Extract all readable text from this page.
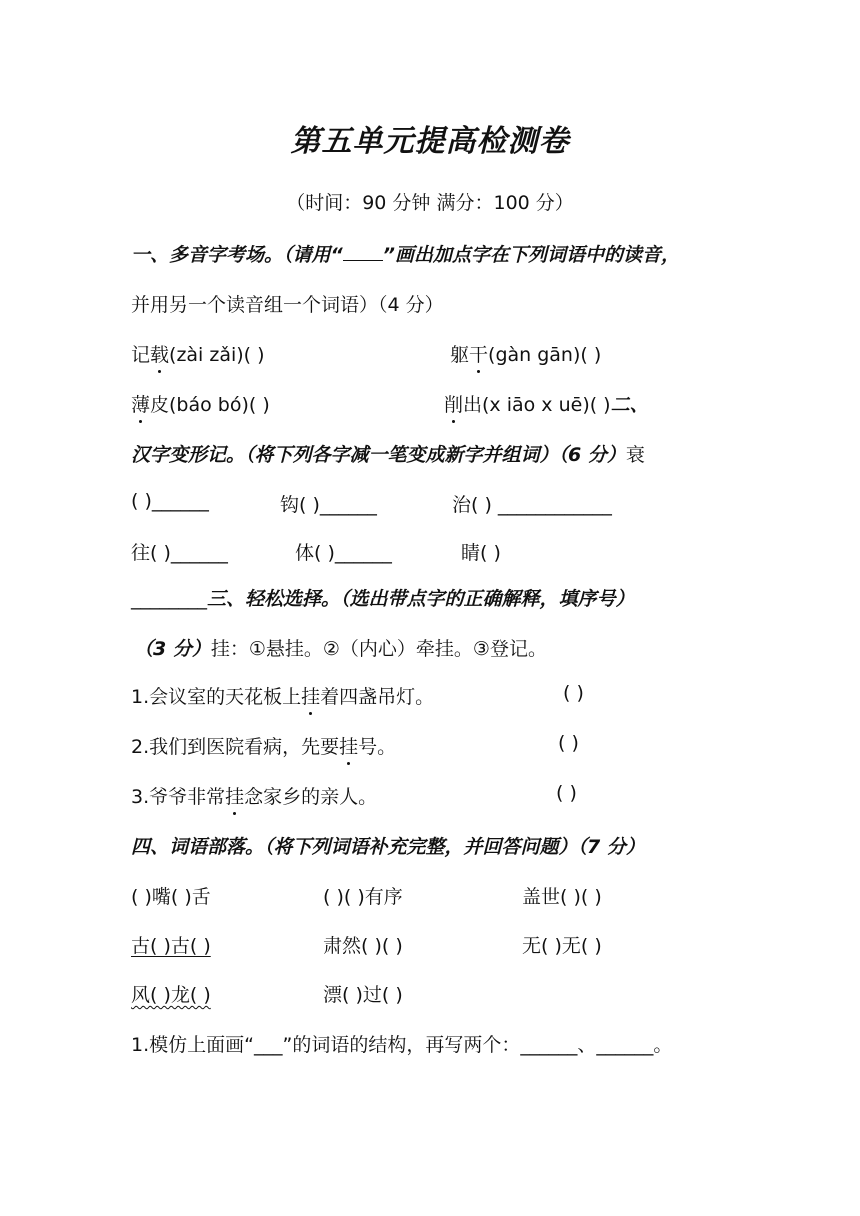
第五单元提高检测卷
（时间：90 分钟 满分：100 分）
一、多音字考场。（请用“ ”画出加点字在下列词语中的读音，
并用另一个读音组一个词语）（4 分）
记载(zài zǎi)( )	躯干(gàn gān)( )
薄皮(báo bó)( )	削出(x iāo x uē)( )二、
汉字变形记。（将下列各字减一笔变成新字并组词）（6 分）衰
( )______	钩( )______	治( ) ____________
往( )______	体( )______	睛( )
________三、轻松选择。（选出带点字的正确解释，填序号）
（3 分）挂：①悬挂。②（内心）牵挂。③登记。
1.会议室的天花板上挂着四盏吊灯。	( )
2.我们到医院看病，先要挂号。	( )
3.爷爷非常挂念家乡的亲人。	( )
四、词语部落。（将下列词语补充完整，并回答问题）（7 分）
( )嘴( )舌	( )( )有序	盖世( )( )
古( )古( )	肃然( )( )	无( )无( )
风( )龙( )	漂( )过( )
1.模仿上面画“___”的词语的结构，再写两个：______、______。
